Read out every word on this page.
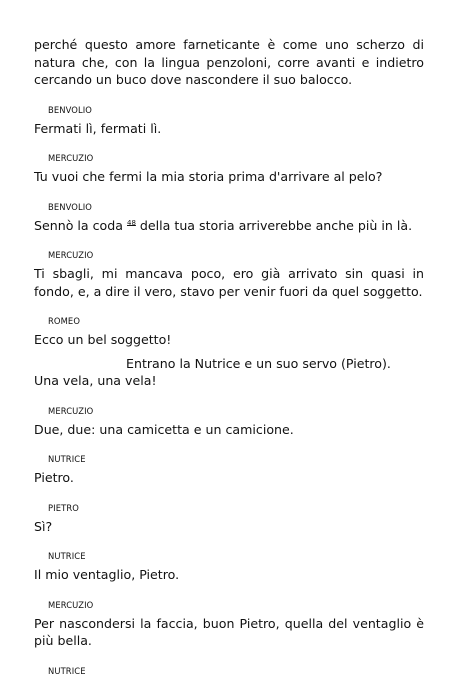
perché questo amore farneticante è come uno scherzo di natura che, con la lingua penzoloni, corre avanti e indietro cercando un buco dove nascondere il suo balocco.

BENVOLIO

Fermati lì, fermati lì.

MERCUZIO

Tu vuoi che fermi la mia storia prima d'arrivare al pelo?

BENVOLIO

Sennò la coda $^{48}$ della tua storia arriverebbe anche più in là.

MERCUZIO

Ti sbagli, mi mancava poco, ero già arrivato sin quasi in fondo, e, a dire il vero, stavo per venir fuori da quel soggetto.

ROMEO

Ecco un bel soggetto!

Entrano la Nutrice e un suo servo (Pietro).

Una vela, una vela!

MERCUZIO

Due, due: una camicetta e un camicione.

NUTRICE

Pietro.

PIETRO

Sì?

NUTRICE

Il mio ventaglio, Pietro.

MERCUZIO

Per nascondersi la faccia, buon Pietro, quella del ventaglio è più bella.

NUTRICE
